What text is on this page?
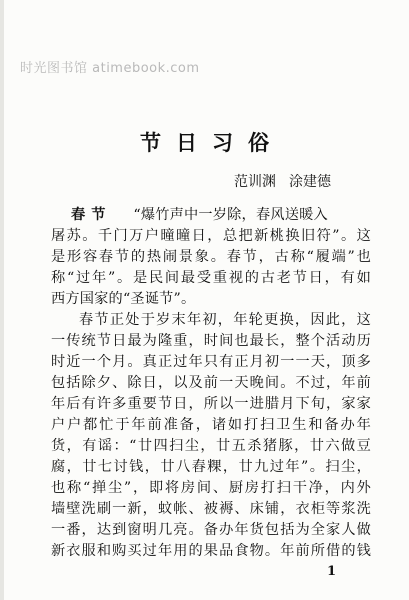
时光图书馆 atimebook.com
节日习俗
范训渊 涂建德
春节 “爆竹声中一岁除，春风送暖入
屠苏。千门万户曈曈日，总把新桃换旧符”。这
是形容春节的热闹景象。春节，古称“履端”也
称“过年”。是民间最受重视的古老节日，有如
西方国家的“圣诞节”。
春节正处于岁末年初，年轮更换，因此，这
一传统节日最为隆重，时间也最长，整个活动历
时近一个月。真正过年只有正月初一一天，顶多
包括除夕、除日，以及前一天晚间。不过，年前
年后有许多重要节日，所以一进腊月下旬，家家
户户都忙于年前准备，诸如打扫卫生和备办年
货，有谣：“廿四扫尘，廿五杀猪豚，廿六做豆
腐，廿七讨钱，廿八舂粿，廿九过年”。扫尘，
也称“掸尘”，即将房间、厨房打扫干净，内外
墙壁洗刷一新，蚊帐、被褥、床铺，衣柜等浆洗
一番，达到窗明几亮。备办年货包括为全家人做
新衣服和购买过年用的果品食物。年前所借的钱
1
